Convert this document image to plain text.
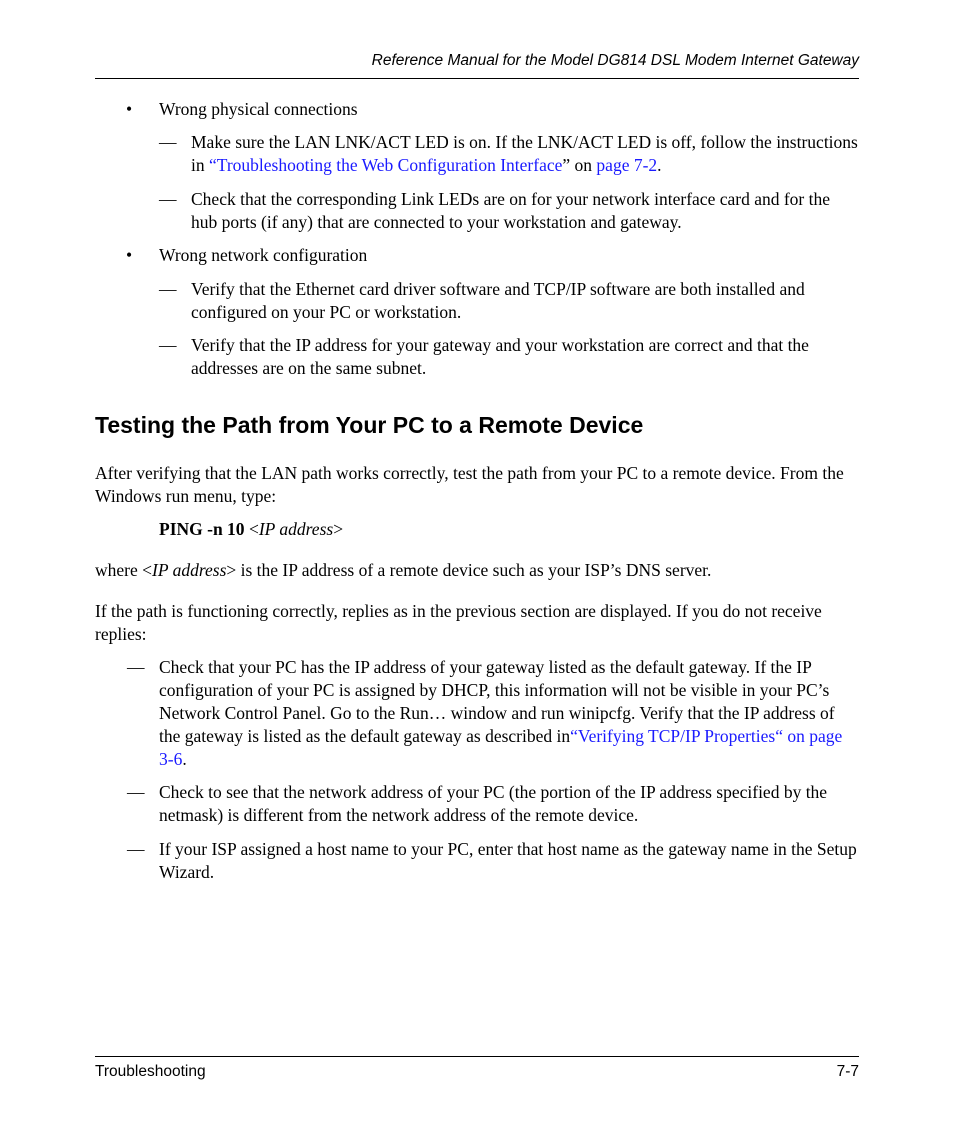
Reference Manual for the Model DG814 DSL Modem Internet Gateway
• Wrong physical connections

— Make sure the LAN LNK/ACT LED is on. If the LNK/ACT LED is off, follow the instructions in “Troubleshooting the Web Configuration Interface” on page 7-2.

— Check that the corresponding Link LEDs are on for your network interface card and for the hub ports (if any) that are connected to your workstation and gateway.

• Wrong network configuration

— Verify that the Ethernet card driver software and TCP/IP software are both installed and configured on your PC or workstation.

— Verify that the IP address for your gateway and your workstation are correct and that the addresses are on the same subnet.

Testing the Path from Your PC to a Remote Device

After verifying that the LAN path works correctly, test the path from your PC to a remote device. From the Windows run menu, type:

PING -n 10 <IP address>

where <IP address> is the IP address of a remote device such as your ISP’s DNS server.

If the path is functioning correctly, replies as in the previous section are displayed. If you do not receive replies:

— Check that your PC has the IP address of your gateway listed as the default gateway. If the IP configuration of your PC is assigned by DHCP, this information will not be visible in your PC’s Network Control Panel. Go to the Run… window and run winipcfg. Verify that the IP address of the gateway is listed as the default gateway as described in“Verifying TCP/IP Properties“ on page 3-6.

— Check to see that the network address of your PC (the portion of the IP address specified by the netmask) is different from the network address of the remote device.

— If your ISP assigned a host name to your PC, enter that host name as the gateway name in the Setup Wizard.

Troubleshooting	7-7
